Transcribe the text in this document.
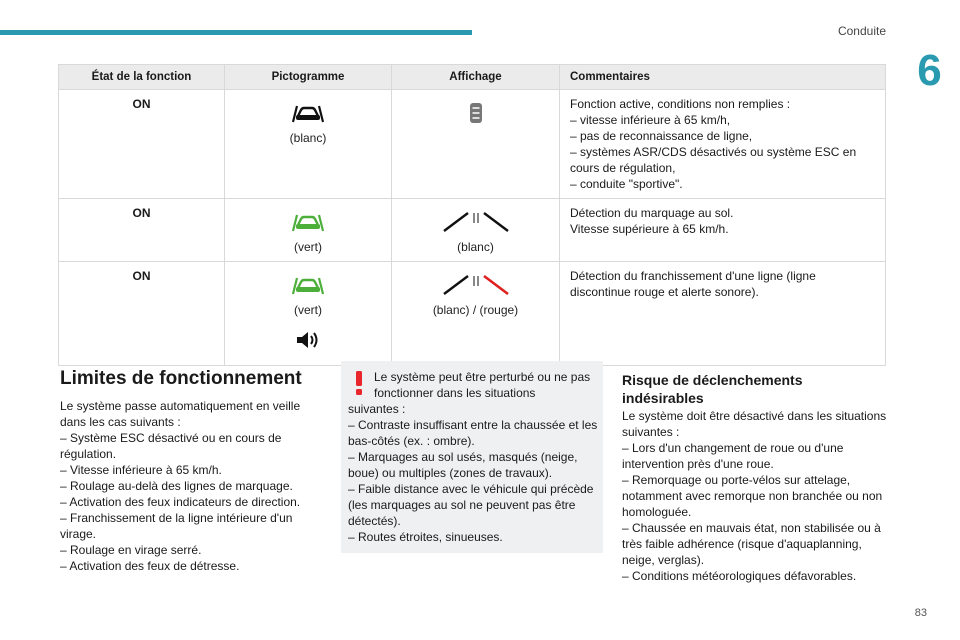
Conduite
6
État de la fonction	Pictogramme	Affichage	Commentaires
ON	(blanc)		Fonction active, conditions non remplies :
– vitesse inférieure à 65 km/h,
– pas de reconnaissance de ligne,
– systèmes ASR/CDS désactivés ou système ESC en cours de régulation,
– conduite "sportive".

ON	(vert)	(blanc)	Détection du marquage au sol.
Vitesse supérieure à 65 km/h.

ON	(vert)	(blanc) / (rouge)	Détection du franchissement d'une ligne (ligne discontinue rouge et alerte sonore).
Limites de fonctionnement
Le système passe automatiquement en veille dans les cas suivants :
– Système ESC désactivé ou en cours de régulation.
– Vitesse inférieure à 65 km/h.
– Roulage au-delà des lignes de marquage.
– Activation des feux indicateurs de direction.
– Franchissement de la ligne intérieure d'un virage.
– Roulage en virage serré.
– Activation des feux de détresse.
Le système peut être perturbé ou ne pas fonctionner dans les situations
suivantes :
– Contraste insuffisant entre la chaussée et les bas-côtés (ex. : ombre).
– Marquages au sol usés, masqués (neige, boue) ou multiples (zones de travaux).
– Faible distance avec le véhicule qui précède (les marquages au sol ne peuvent pas être détectés).
– Routes étroites, sinueuses.
Risque de déclenchements indésirables
Le système doit être désactivé dans les situations suivantes :
– Lors d'un changement de roue ou d'une intervention près d'une roue.
– Remorquage ou porte-vélos sur attelage, notamment avec remorque non branchée ou non homologuée.
– Chaussée en mauvais état, non stabilisée ou à très faible adhérence (risque d'aquaplanning, neige, verglas).
– Conditions météorologiques défavorables.
83
